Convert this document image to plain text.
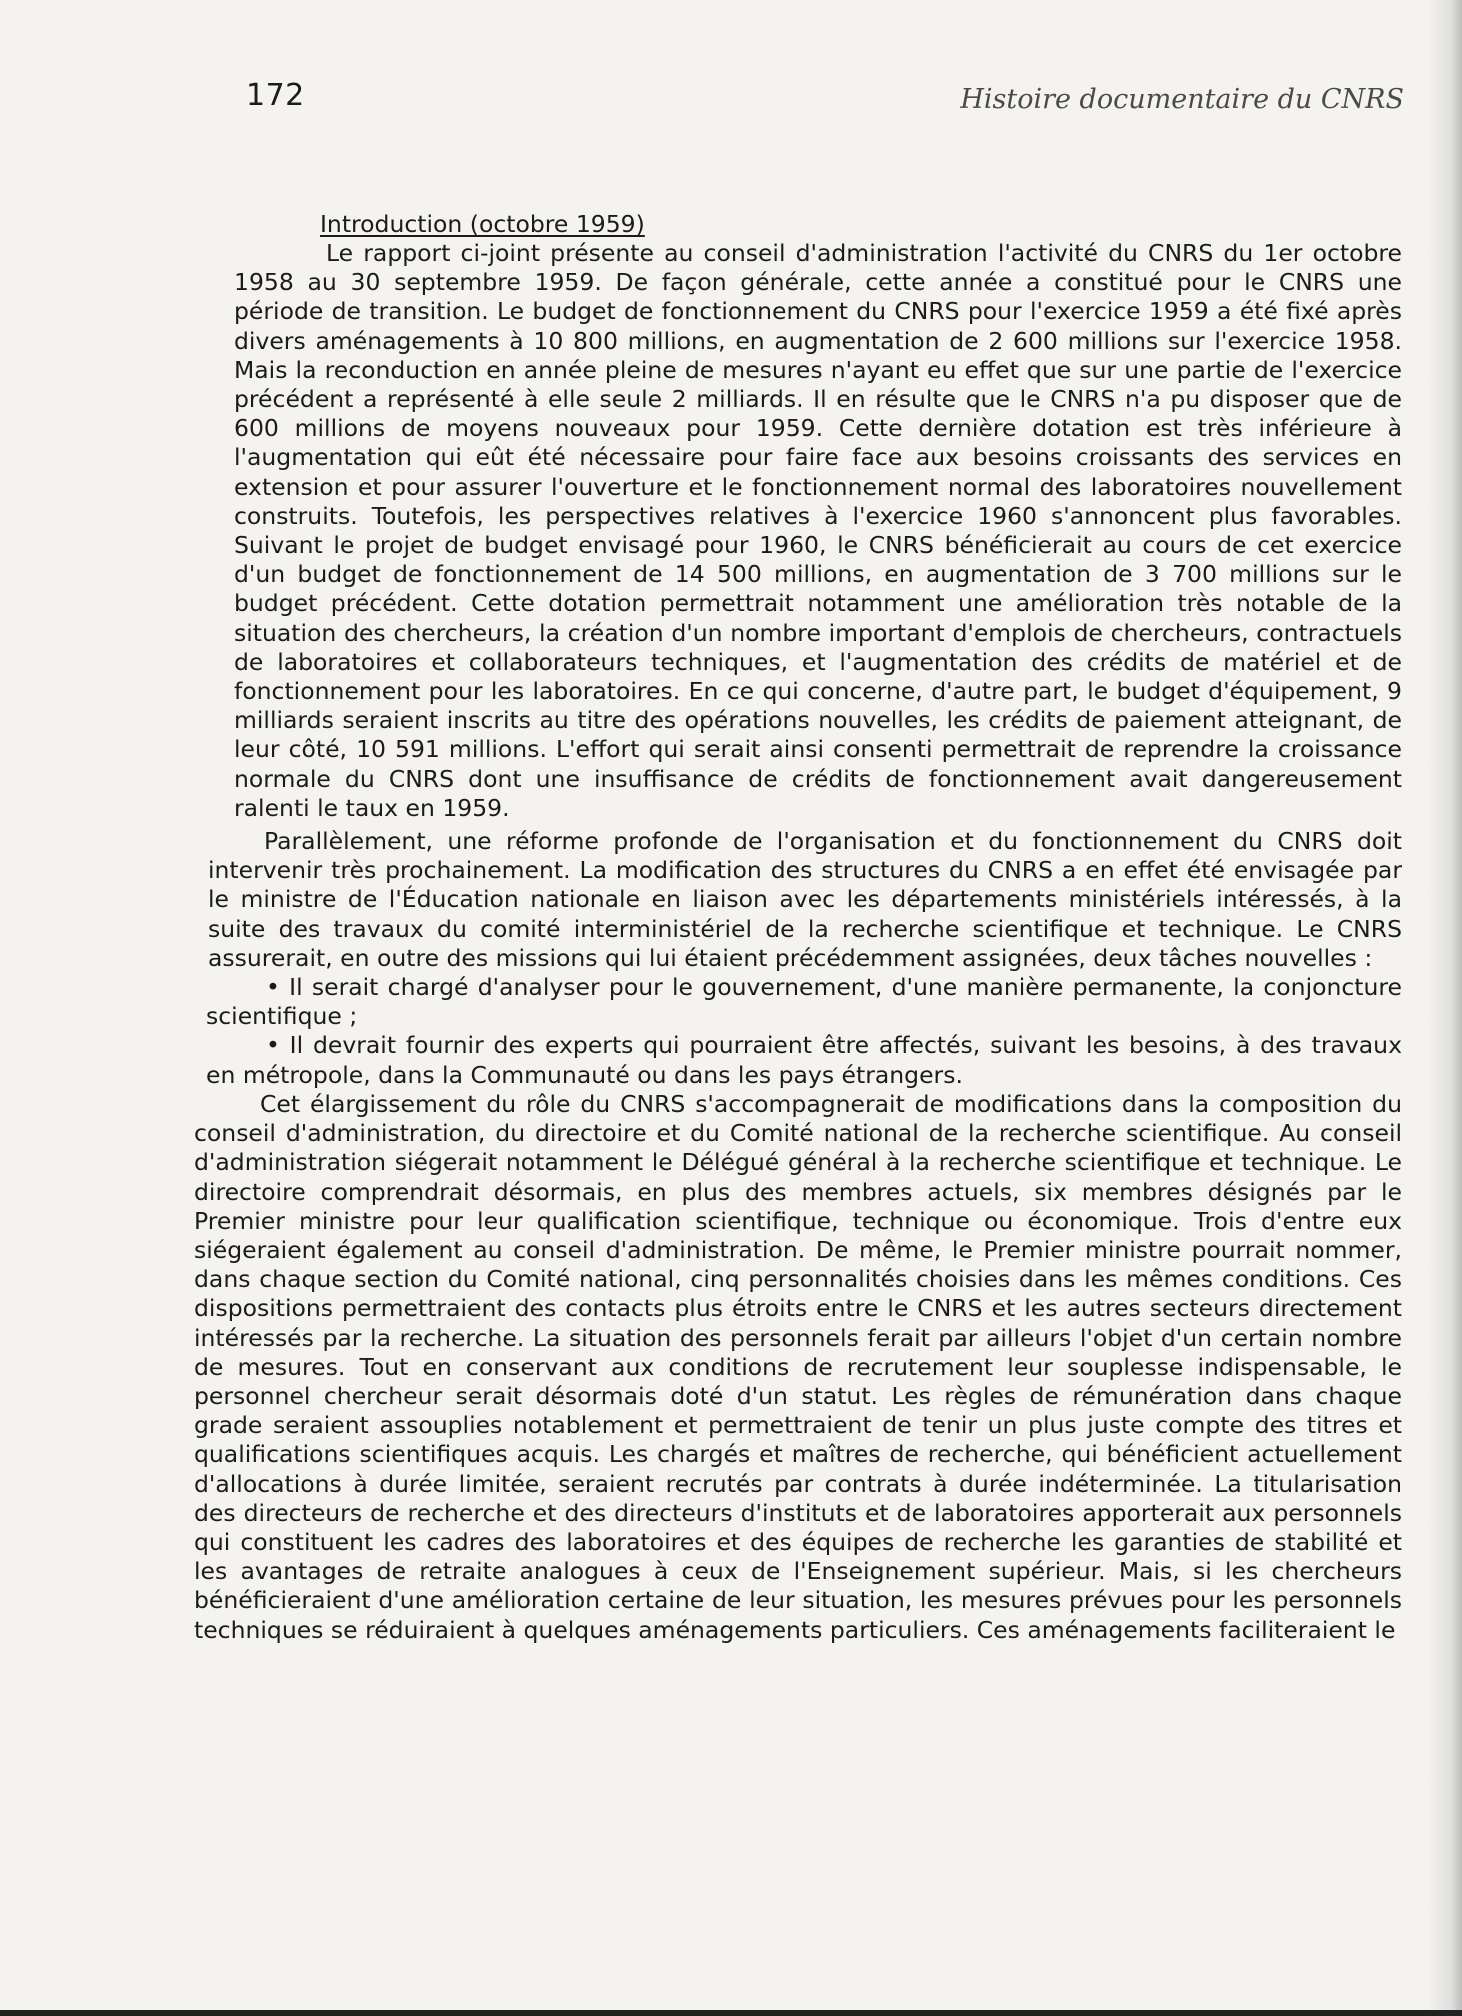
172	Histoire documentaire du CNRS
Introduction (octobre 1959)

Le rapport ci-joint présente au conseil d'administration l'activité du CNRS du 1er octobre 1958 au 30 septembre 1959. De façon générale, cette année a constitué pour le CNRS une période de transition. Le budget de fonctionnement du CNRS pour l'exercice 1959 a été fixé après divers aménagements à 10 800 millions, en augmentation de 2 600 millions sur l'exercice 1958. Mais la reconduction en année pleine de mesures n'ayant eu effet que sur une partie de l'exercice précédent a représenté à elle seule 2 milliards. Il en résulte que le CNRS n'a pu disposer que de 600 millions de moyens nouveaux pour 1959. Cette dernière dotation est très inférieure à l'augmentation qui eût été nécessaire pour faire face aux besoins croissants des services en extension et pour assurer l'ouverture et le fonctionnement normal des laboratoires nouvellement construits. Toutefois, les perspectives relatives à l'exercice 1960 s'annoncent plus favorables. Suivant le projet de budget envisagé pour 1960, le CNRS bénéficierait au cours de cet exercice d'un budget de fonctionnement de 14 500 millions, en augmentation de 3 700 millions sur le budget précédent. Cette dotation permettrait notamment une amélioration très notable de la situation des chercheurs, la création d'un nombre important d'emplois de chercheurs, contractuels de laboratoires et collaborateurs techniques, et l'augmentation des crédits de matériel et de fonctionnement pour les laboratoires. En ce qui concerne, d'autre part, le budget d'équipement, 9 milliards seraient inscrits au titre des opérations nouvelles, les crédits de paiement atteignant, de leur côté, 10 591 millions. L'effort qui serait ainsi consenti permettrait de reprendre la croissance normale du CNRS dont une insuffisance de crédits de fonctionnement avait dangereusement ralenti le taux en 1959.

Parallèlement, une réforme profonde de l'organisation et du fonctionnement du CNRS doit intervenir très prochainement. La modification des structures du CNRS a en effet été envisagée par le ministre de l'Éducation nationale en liaison avec les départements ministériels intéressés, à la suite des travaux du comité interministériel de la recherche scientifique et technique. Le CNRS assurerait, en outre des missions qui lui étaient précédemment assignées, deux tâches nouvelles :

• Il serait chargé d'analyser pour le gouvernement, d'une manière permanente, la conjoncture scientifique ;

• Il devrait fournir des experts qui pourraient être affectés, suivant les besoins, à des travaux en métropole, dans la Communauté ou dans les pays étrangers.

Cet élargissement du rôle du CNRS s'accompagnerait de modifications dans la composition du conseil d'administration, du directoire et du Comité national de la recherche scientifique. Au conseil d'administration siégerait notamment le Délégué général à la recherche scientifique et technique. Le directoire comprendrait désormais, en plus des membres actuels, six membres désignés par le Premier ministre pour leur qualification scientifique, technique ou économique. Trois d'entre eux siégeraient également au conseil d'administration. De même, le Premier ministre pourrait nommer, dans chaque section du Comité national, cinq personnalités choisies dans les mêmes conditions. Ces dispositions permettraient des contacts plus étroits entre le CNRS et les autres secteurs directement intéressés par la recherche. La situation des personnels ferait par ailleurs l'objet d'un certain nombre de mesures. Tout en conservant aux conditions de recrutement leur souplesse indispensable, le personnel chercheur serait désormais doté d'un statut. Les règles de rémunération dans chaque grade seraient assouplies notablement et permettraient de tenir un plus juste compte des titres et qualifications scientifiques acquis. Les chargés et maîtres de recherche, qui bénéficient actuellement d'allocations à durée limitée, seraient recrutés par contrats à durée indéterminée. La titularisation des directeurs de recherche et des directeurs d'instituts et de laboratoires apporterait aux personnels qui constituent les cadres des laboratoires et des équipes de recherche les garanties de stabilité et les avantages de retraite analogues à ceux de l'Enseignement supérieur. Mais, si les chercheurs bénéficieraient d'une amélioration certaine de leur situation, les mesures prévues pour les personnels techniques se réduiraient à quelques aménagements particuliers. Ces aménagements faciliteraient le
